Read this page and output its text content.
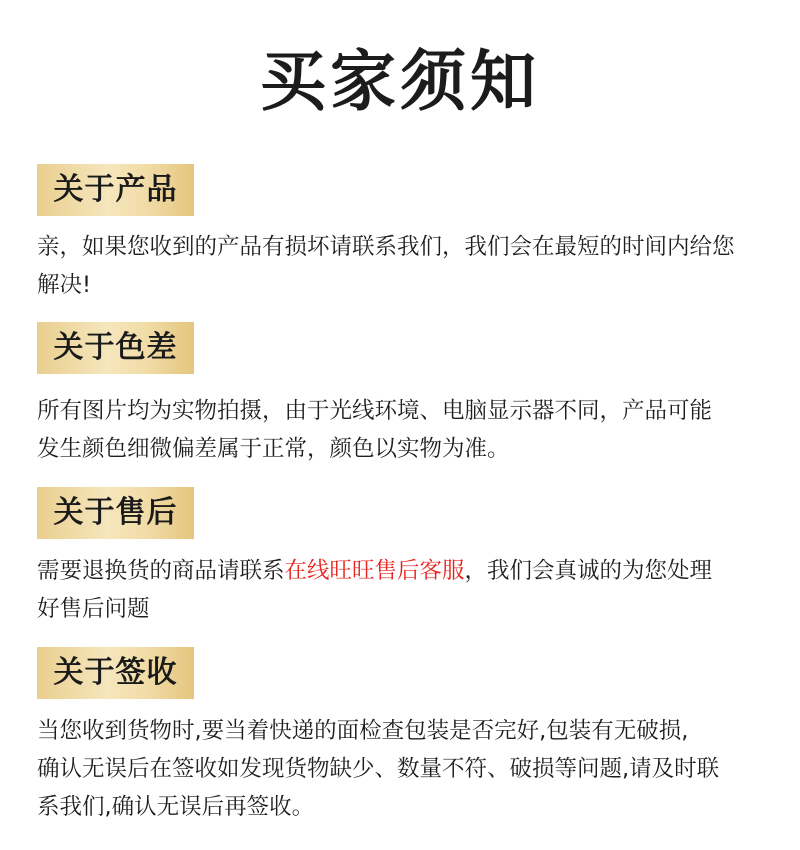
买家须知
关于产品
亲，如果您收到的产品有损坏请联系我们，我们会在最短的时间内给您
解决!
关于色差
所有图片均为实物拍摄，由于光线环境、电脑显示器不同，产品可能
发生颜色细微偏差属于正常，颜色以实物为准。
关于售后
需要退换货的商品请联系在线旺旺售后客服，我们会真诚的为您处理
好售后问题
关于签收
当您收到货物时,要当着快递的面检查包装是否完好,包装有无破损,
确认无误后在签收如发现货物缺少、数量不符、破损等问题,请及时联
系我们,确认无误后再签收。
